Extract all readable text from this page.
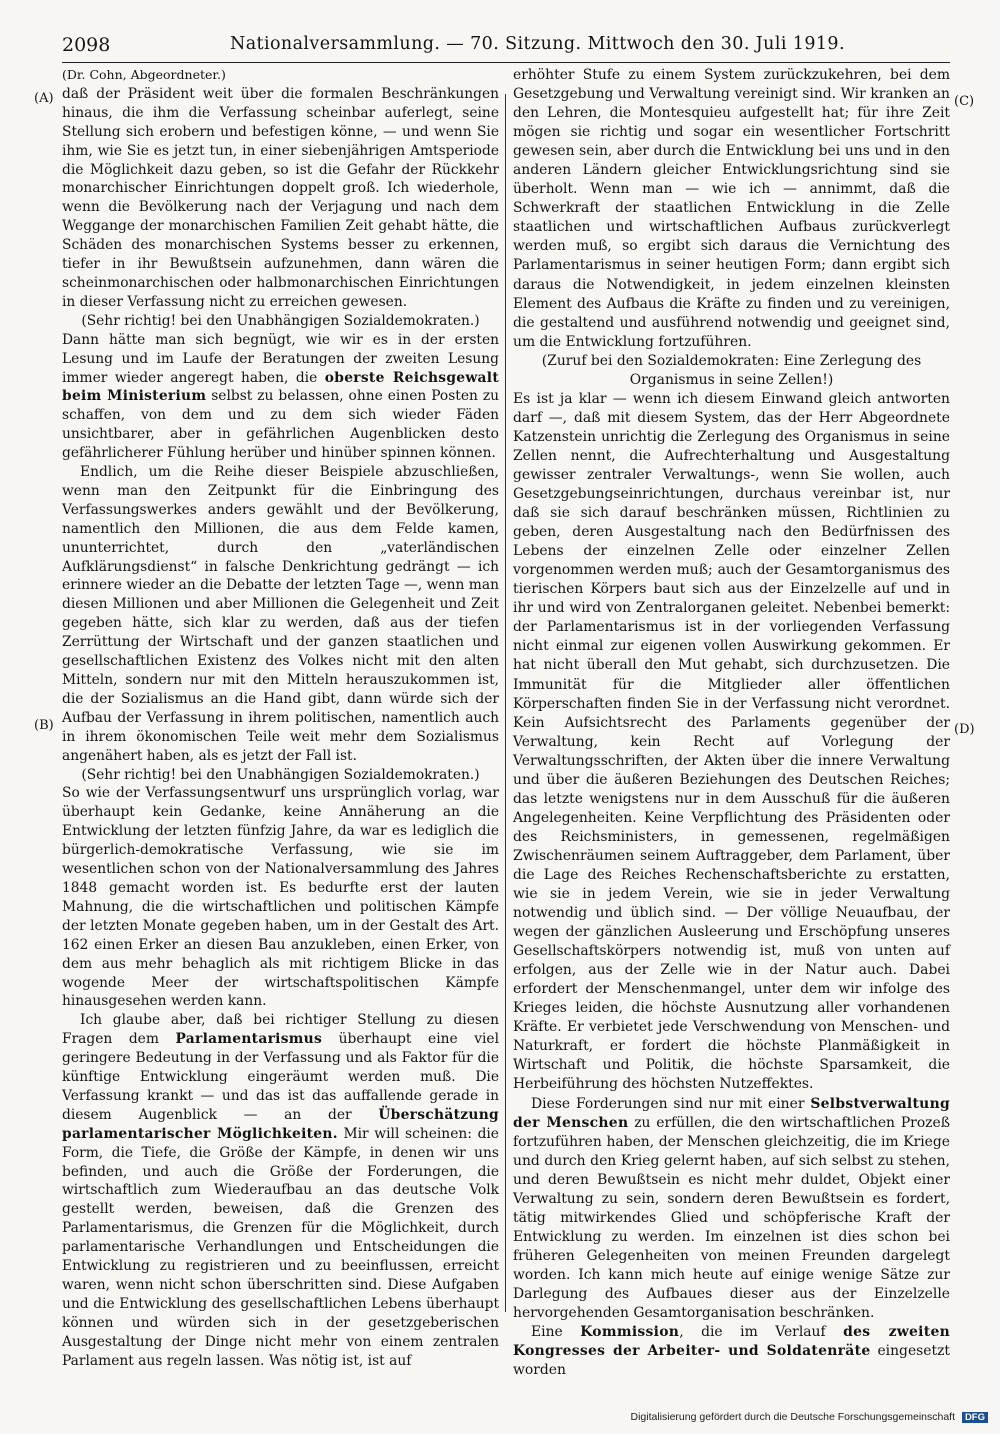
2098	Nationalversammlung. — 70. Sitzung. Mittwoch den 30. Juli 1919.
(A)
(B)
(C)
(D)

(Dr. Cohn, Abgeordneter.)

daß der Präsident weit über die formalen Beschränkungen hinaus, die ihm die Verfassung scheinbar auferlegt, seine Stellung sich erobern und befestigen könne, — und wenn Sie ihm, wie Sie es jetzt tun, in einer siebenjährigen Amtsperiode die Möglichkeit dazu geben, so ist die Gefahr der Rückkehr monarchischer Einrichtungen doppelt groß. Ich wiederhole, wenn die Bevölkerung nach der Verjagung und nach dem Weggange der monarchischen Familien Zeit gehabt hätte, die Schäden des monarchischen Systems besser zu erkennen, tiefer in ihr Bewußtsein aufzunehmen, dann wären die scheinmonarchischen oder halbmonarchischen Einrichtungen in dieser Verfassung nicht zu erreichen gewesen.

(Sehr richtig! bei den Unabhängigen Sozialdemokraten.)

Dann hätte man sich begnügt, wie wir es in der ersten Lesung und im Laufe der Beratungen der zweiten Lesung immer wieder angeregt haben, die oberste Reichsgewalt beim Ministerium selbst zu belassen, ohne einen Posten zu schaffen, von dem und zu dem sich wieder Fäden unsichtbarer, aber in gefährlichen Augenblicken desto gefährlicherer Fühlung herüber und hinüber spinnen können.

Endlich, um die Reihe dieser Beispiele abzuschließen, wenn man den Zeitpunkt für die Einbringung des Verfassungswerkes anders gewählt und der Bevölkerung, namentlich den Millionen, die aus dem Felde kamen, ununterrichtet, durch den „vaterländischen Aufklärungsdienst“ in falsche Denkrichtung gedrängt — ich erinnere wieder an die Debatte der letzten Tage —, wenn man diesen Millionen und aber Millionen die Gelegenheit und Zeit gegeben hätte, sich klar zu werden, daß aus der tiefen Zerrüttung der Wirtschaft und der ganzen staatlichen und gesellschaftlichen Existenz des Volkes nicht mit den alten Mitteln, sondern nur mit den Mitteln herauszukommen ist, die der Sozialismus an die Hand gibt, dann würde sich der Aufbau der Verfassung in ihrem politischen, namentlich auch in ihrem ökonomischen Teile weit mehr dem Sozialismus angenähert haben, als es jetzt der Fall ist.

(Sehr richtig! bei den Unabhängigen Sozialdemokraten.)

So wie der Verfassungsentwurf uns ursprünglich vorlag, war überhaupt kein Gedanke, keine Annäherung an die Entwicklung der letzten fünfzig Jahre, da war es lediglich die bürgerlich-demokratische Verfassung, wie sie im wesentlichen schon von der Nationalversammlung des Jahres 1848 gemacht worden ist. Es bedurfte erst der lauten Mahnung, die die wirtschaftlichen und politischen Kämpfe der letzten Monate gegeben haben, um in der Gestalt des Art. 162 einen Erker an diesen Bau anzukleben, einen Erker, von dem aus mehr behaglich als mit richtigem Blicke in das wogende Meer der wirtschaftspolitischen Kämpfe hinausgesehen werden kann.

Ich glaube aber, daß bei richtiger Stellung zu diesen Fragen dem Parlamentarismus überhaupt eine viel geringere Bedeutung in der Verfassung und als Faktor für die künftige Entwicklung eingeräumt werden muß. Die Verfassung krankt — und das ist das auffallende gerade in diesem Augenblick — an der Überschätzung parlamentarischer Möglichkeiten. Mir will scheinen: die Form, die Tiefe, die Größe der Kämpfe, in denen wir uns befinden, und auch die Größe der Forderungen, die wirtschaftlich zum Wiederaufbau an das deutsche Volk gestellt werden, beweisen, daß die Grenzen des Parlamentarismus, die Grenzen für die Möglichkeit, durch parlamentarische Verhandlungen und Entscheidungen die Entwicklung zu registrieren und zu beeinflussen, erreicht waren, wenn nicht schon überschritten sind. Diese Aufgaben und die Entwicklung des gesellschaftlichen Lebens überhaupt können und würden sich in der gesetzgeberischen Ausgestaltung der Dinge nicht mehr von einem zentralen Parlament aus regeln lassen. Was nötig ist, ist auf

erhöhter Stufe zu einem System zurückzukehren, bei dem Gesetzgebung und Verwaltung vereinigt sind. Wir kranken an den Lehren, die Montesquieu aufgestellt hat; für ihre Zeit mögen sie richtig und sogar ein wesentlicher Fortschritt gewesen sein, aber durch die Entwicklung bei uns und in den anderen Ländern gleicher Entwicklungsrichtung sind sie überholt. Wenn man — wie ich — annimmt, daß die Schwerkraft der staatlichen Entwicklung in die Zelle staatlichen und wirtschaftlichen Aufbaus zurückverlegt werden muß, so ergibt sich daraus die Vernichtung des Parlamentarismus in seiner heutigen Form; dann ergibt sich daraus die Notwendigkeit, in jedem einzelnen kleinsten Element des Aufbaus die Kräfte zu finden und zu vereinigen, die gestaltend und ausführend notwendig und geeignet sind, um die Entwicklung fortzuführen.

(Zuruf bei den Sozialdemokraten: Eine Zerlegung des Organismus in seine Zellen!)

Es ist ja klar — wenn ich diesem Einwand gleich antworten darf —, daß mit diesem System, das der Herr Abgeordnete Katzenstein unrichtig die Zerlegung des Organismus in seine Zellen nennt, die Aufrechterhaltung und Ausgestaltung gewisser zentraler Verwaltungs-, wenn Sie wollen, auch Gesetzgebungseinrichtungen, durchaus vereinbar ist, nur daß sie sich darauf beschränken müssen, Richtlinien zu geben, deren Ausgestaltung nach den Bedürfnissen des Lebens der einzelnen Zelle oder einzelner Zellen vorgenommen werden muß; auch der Gesamtorganismus des tierischen Körpers baut sich aus der Einzelzelle auf und in ihr und wird von Zentralorganen geleitet. Nebenbei bemerkt: der Parlamentarismus ist in der vorliegenden Verfassung nicht einmal zur eigenen vollen Auswirkung gekommen. Er hat nicht überall den Mut gehabt, sich durchzusetzen. Die Immunität für die Mitglieder aller öffentlichen Körperschaften finden Sie in der Verfassung nicht verordnet. Kein Aufsichtsrecht des Parlaments gegenüber der Verwaltung, kein Recht auf Vorlegung der Verwaltungsschriften, der Akten über die innere Verwaltung und über die äußeren Beziehungen des Deutschen Reiches; das letzte wenigstens nur in dem Ausschuß für die äußeren Angelegenheiten. Keine Verpflichtung des Präsidenten oder des Reichsministers, in gemessenen, regelmäßigen Zwischenräumen seinem Auftraggeber, dem Parlament, über die Lage des Reiches Rechenschaftsberichte zu erstatten, wie sie in jedem Verein, wie sie in jeder Verwaltung notwendig und üblich sind. — Der völlige Neuaufbau, der wegen der gänzlichen Ausleerung und Erschöpfung unseres Gesellschaftskörpers notwendig ist, muß von unten auf erfolgen, aus der Zelle wie in der Natur auch. Dabei erfordert der Menschenmangel, unter dem wir infolge des Krieges leiden, die höchste Ausnutzung aller vorhandenen Kräfte. Er verbietet jede Verschwendung von Menschen- und Naturkraft, er fordert die höchste Planmäßigkeit in Wirtschaft und Politik, die höchste Sparsamkeit, die Herbeiführung des höchsten Nutzeffektes.

Diese Forderungen sind nur mit einer Selbstverwaltung der Menschen zu erfüllen, die den wirtschaftlichen Prozeß fortzuführen haben, der Menschen gleichzeitig, die im Kriege und durch den Krieg gelernt haben, auf sich selbst zu stehen, und deren Bewußtsein es nicht mehr duldet, Objekt einer Verwaltung zu sein, sondern deren Bewußtsein es fordert, tätig mitwirkendes Glied und schöpferische Kraft der Entwicklung zu werden. Im einzelnen ist dies schon bei früheren Gelegenheiten von meinen Freunden dargelegt worden. Ich kann mich heute auf einige wenige Sätze zur Darlegung des Aufbaues dieser aus der Einzelzelle hervorgehenden Gesamtorganisation beschränken.

Eine Kommission, die im Verlauf des zweiten Kongresses der Arbeiter- und Soldatenräte eingesetzt worden

Digitalisierung gefördert durch die Deutsche Forschungsgemeinschaft DFG
